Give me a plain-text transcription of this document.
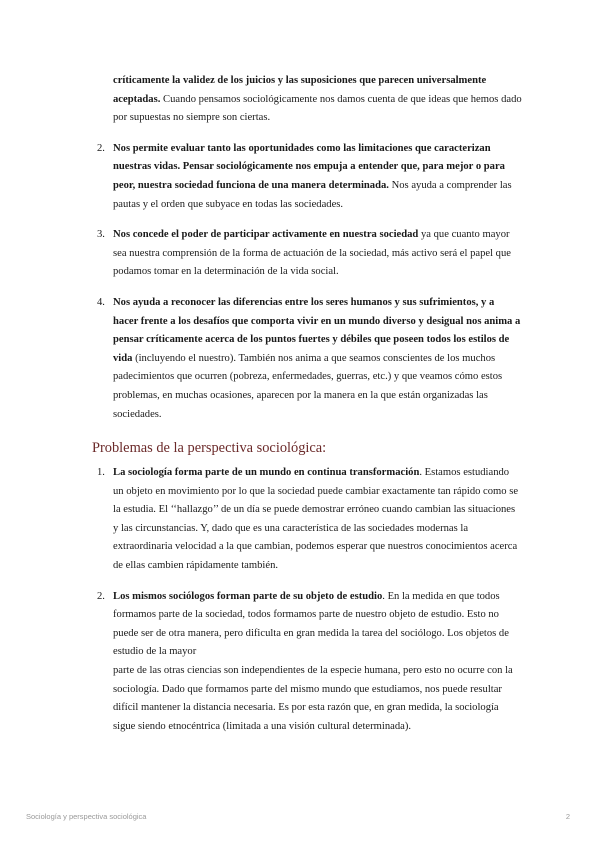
críticamente la validez de los juicios y las suposiciones que parecen universalmente aceptadas. Cuando pensamos sociológicamente nos damos cuenta de que ideas que hemos dado por supuestas no siempre son ciertas.
2. Nos permite evaluar tanto las oportunidades como las limitaciones que caracterizan nuestras vidas. Pensar sociológicamente nos empuja a entender que, para mejor o para peor, nuestra sociedad funciona de una manera determinada. Nos ayuda a comprender las pautas y el orden que subyace en todas las sociedades.
3. Nos concede el poder de participar activamente en nuestra sociedad ya que cuanto mayor sea nuestra comprensión de la forma de actuación de la sociedad, más activo será el papel que podamos tomar en la determinación de la vida social.
4. Nos ayuda a reconocer las diferencias entre los seres humanos y sus sufrimientos, y a hacer frente a los desafíos que comporta vivir en un mundo diverso y desigual nos anima a pensar críticamente acerca de los puntos fuertes y débiles que poseen todos los estilos de vida (incluyendo el nuestro). También nos anima a que seamos conscientes de los muchos padecimientos que ocurren (pobreza, enfermedades, guerras, etc.) y que veamos cómo estos problemas, en muchas ocasiones, aparecen por la manera en la que están organizadas las sociedades.
Problemas de la perspectiva sociológica:
1. La sociología forma parte de un mundo en continua transformación. Estamos estudiando un objeto en movimiento por lo que la sociedad puede cambiar exactamente tan rápido como se la estudia. El ‘‘hallazgo’’ de un día se puede demostrar erróneo cuando cambian las situaciones y las circunstancias. Y, dado que es una característica de las sociedades modernas la extraordinaria velocidad a la que cambian, podemos esperar que nuestros conocimientos acerca de ellas cambien rápidamente también.
2. Los mismos sociólogos forman parte de su objeto de estudio. En la medida en que todos formamos parte de la sociedad, todos formamos parte de nuestro objeto de estudio. Esto no puede ser de otra manera, pero dificulta en gran medida la tarea del sociólogo. Los objetos de estudio de la mayor
parte de las otras ciencias son independientes de la especie humana, pero esto no ocurre con la sociología. Dado que formamos parte del mismo mundo que estudiamos, nos puede resultar difícil mantener la distancia necesaria. Es por esta razón que, en gran medida, la sociología sigue siendo etnocéntrica (limitada a una visión cultural determinada).
Sociología y perspectiva sociológica	2
